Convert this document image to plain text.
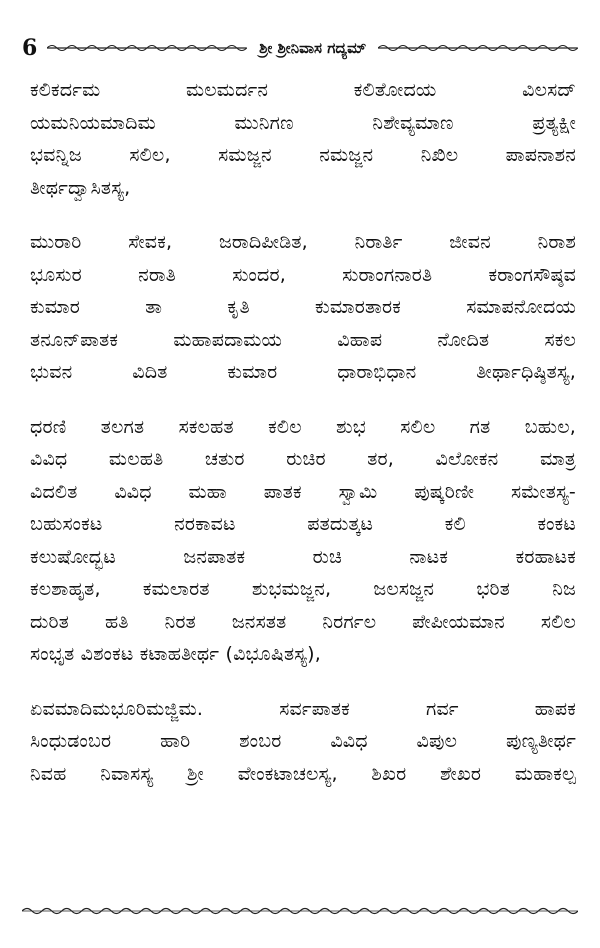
6	ಶ್ರೀ ಶ್ರೀನಿವಾಸ ಗದ್ಯಮ್
ಕಲಿಕರ್ದಮ ಮಲಮರ್ದನ ಕಲಿತೋದಯ ವಿಲಸದ್
ಯಮನಿಯಮಾದಿಮ ಮುನಿಗಣ ನಿಶೇವ್ಯಮಾಣ ಪ್ರತ್ಯಕ್ಷೀ
ಭವನ್ನಿಜ ಸಲಿಲ, ಸಮಜ್ಜನ ನಮಜ್ಜನ ನಿಖಿಲ ಪಾಪನಾಶನ
ತೀರ್ಥದ್ವಾಸಿತಸ್ಯ,
ಮುರಾರಿ ಸೇವಕ, ಜರಾದಿಪೀಡಿತ, ನಿರಾರ್ತಿ ಜೀವನ ನಿರಾಶ
ಭೂಸುರ ನರಾತಿ ಸುಂದರ, ಸುರಾಂಗನಾರತಿ ಕರಾಂಗಸೌಷ್ಠವ
ಕುಮಾರ ತಾ ಕೃತಿ ಕುಮಾರತಾರಕ ಸಮಾಪನೋದಯ
ತನೂನ್‌ಪಾತಕ ಮಹಾಪದಾಮಯ ವಿಹಾಪ ನೋದಿತ ಸಕಲ
ಭುವನ ವಿದಿತ ಕುಮಾರ ಧಾರಾಭಿಧಾನ ತೀರ್ಥಾಧಿಷ್ಠಿತಸ್ಯ,
ಧರಣಿ ತಲಗತ ಸಕಲಹತ ಕಲಿಲ ಶುಭ ಸಲಿಲ ಗತ ಬಹುಲ,
ವಿವಿಧ ಮಲಹತಿ ಚತುರ ರುಚಿರ ತರ, ವಿಲೋಕನ ಮಾತ್ರ
ವಿದಲಿತ ವಿವಿಧ ಮಹಾ ಪಾತಕ ಸ್ವಾಮಿ ಪುಷ್ಕರಿಣೀ ಸಮೇತಸ್ಯ-
ಬಹುಸಂಕಟ ನರಕಾವಟ ಪತದುತ್ಕಟ ಕಲಿ ಕಂಕಟ
ಕಲುಷೋದ್ಭಟ ಜನಪಾತಕ ರುಚಿ ನಾಟಕ ಕರಹಾಟಕ
ಕಲಶಾಹೃತ, ಕಮಲಾರತ ಶುಭಮಜ್ಜನ, ಜಲಸಜ್ಜನ ಭರಿತ ನಿಜ
ದುರಿತ ಹತಿ ನಿರತ ಜನಸತತ ನಿರರ್ಗಲ ಪೇಪೀಯಮಾನ ಸಲಿಲ
ಸಂಭೃತ ವಿಶಂಕಟ ಕಟಾಹತೀರ್ಥ (ವಿಭೂಷಿತಸ್ಯ),
ಏವಮಾದಿಮಭೂರಿಮಜ್ಜಿಮ. ಸರ್ವಪಾತಕ ಗರ್ವ ಹಾಪಕ
ಸಿಂಧುಡಂಬರ ಹಾರಿ ಶಂಬರ ವಿವಿಧ ವಿಪುಲ ಪುಣ್ಯತೀರ್ಥ
ನಿವಹ ನಿವಾಸಸ್ಯ ಶ್ರೀ ವೇಂಕಟಾಚಲಸ್ಯ, ಶಿಖರ ಶೇಖರ ಮಹಾಕಲ್ಪ
